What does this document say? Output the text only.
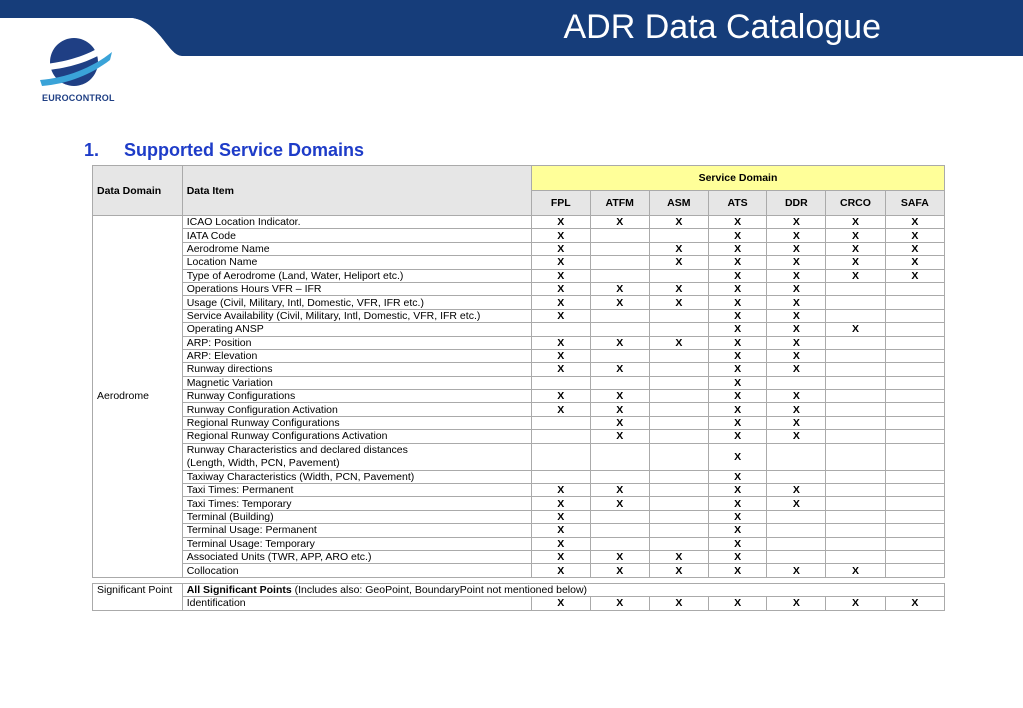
ADR Data Catalogue
EUROCONTROL
1. Supported Service Domains
Data Domain	Data Item	Service Domain						
		FPL	ATFM	ASM	ATS	DDR	CRCO	SAFA
Aerodrome	ICAO Location Indicator.	X	X	X	X	X	X	X
	IATA Code	X			X	X	X	X
	Aerodrome Name	X		X	X	X	X	X
	Location Name	X		X	X	X	X	X
	Type of Aerodrome (Land, Water, Heliport etc.)	X			X	X	X	X
	Operations Hours VFR – IFR	X	X	X	X	X		
	Usage (Civil, Military, Intl, Domestic, VFR, IFR etc.)	X	X	X	X	X		
	Service Availability (Civil, Military, Intl, Domestic, VFR, IFR etc.)	X			X	X		
	Operating ANSP				X	X	X	
	ARP: Position	X	X	X	X	X		
	ARP: Elevation	X			X	X		
	Runway directions	X	X		X	X		
	Magnetic Variation				X			
	Runway Configurations	X	X		X	X		
	Runway Configuration Activation	X	X		X	X		
	Regional Runway Configurations		X		X	X		
	Regional Runway Configurations Activation		X		X	X		
	Runway Characteristics and declared distances
(Length, Width, PCN, Pavement)				X			
	Taxiway Characteristics (Width, PCN, Pavement)				X			
	Taxi Times: Permanent	X	X		X	X		
	Taxi Times: Temporary	X	X		X	X		
	Terminal (Building)	X			X			
	Terminal Usage: Permanent	X			X			
	Terminal Usage: Temporary	X			X			
	Associated Units (TWR, APP, ARO etc.)	X	X	X	X			
	Collocation	X	X	X	X	X	X	

Significant Point	All Significant Points (Includes also: GeoPoint, BoundaryPoint not mentioned below)							
	Identification	X	X	X	X	X	X	X
